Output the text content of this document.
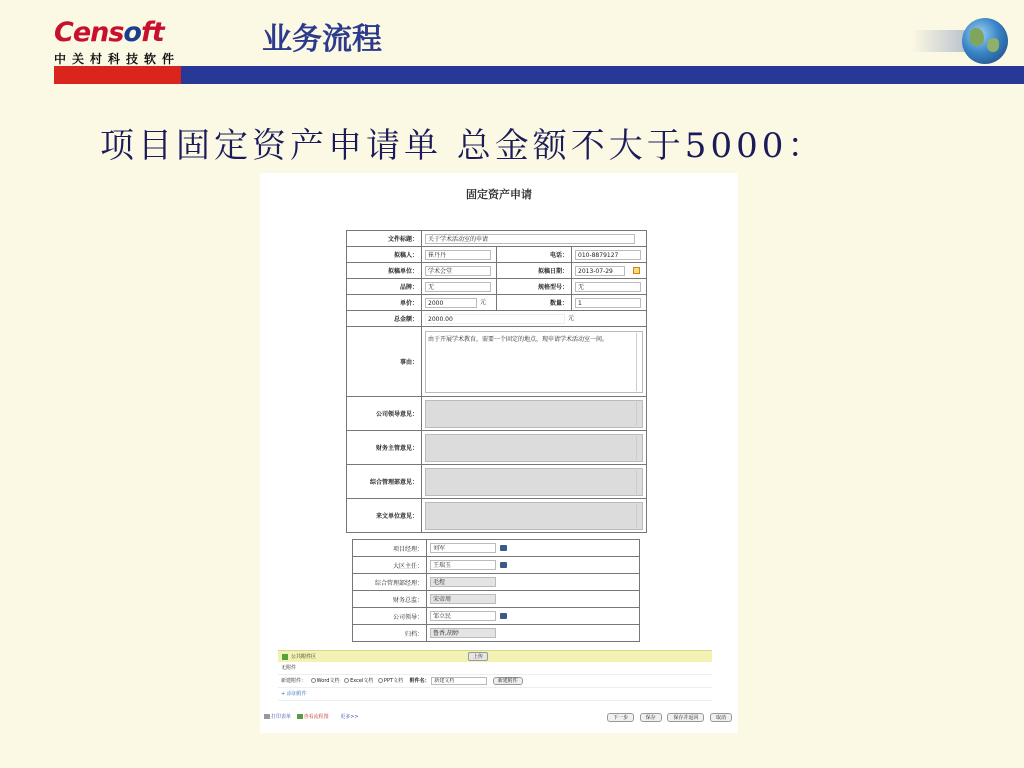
Censoft
中关村科技软件
业务流程
项目固定资产申请单 总金额不大于5000：
固定资产申请
文件标题：	关于学术活动室的申请		
拟稿人：	崔丹丹	电话：	010-8879127
拟稿单位：	学术会堂	拟稿日期：	2013-07-29
品牌：	无	规格型号：	无
单价：	2000 元	数量：	1
总金额：	2000.00 元		
事由：	由于开展学术教育，需要一个固定的地点，现申请学术活动室一间。		

公司领导意见：			

财务主管意见：			

综合管理部意见：			

来文单位意见：			
项目经理：	刘军
大区主任：	王瑞玉
综合管理部经理：	毛煜
财务总监：	宋帝周
公司领导：	邹立民
归档：	鲁香,胡婷
公共附件区	上传
无附件
新建附件： Word文档 Excel文档 PPT文档 附件名： 新建文档	新建附件
+ 添加附件
打印表单	查看流程图 更多>>	下一步	保存	保存并返回	取消
